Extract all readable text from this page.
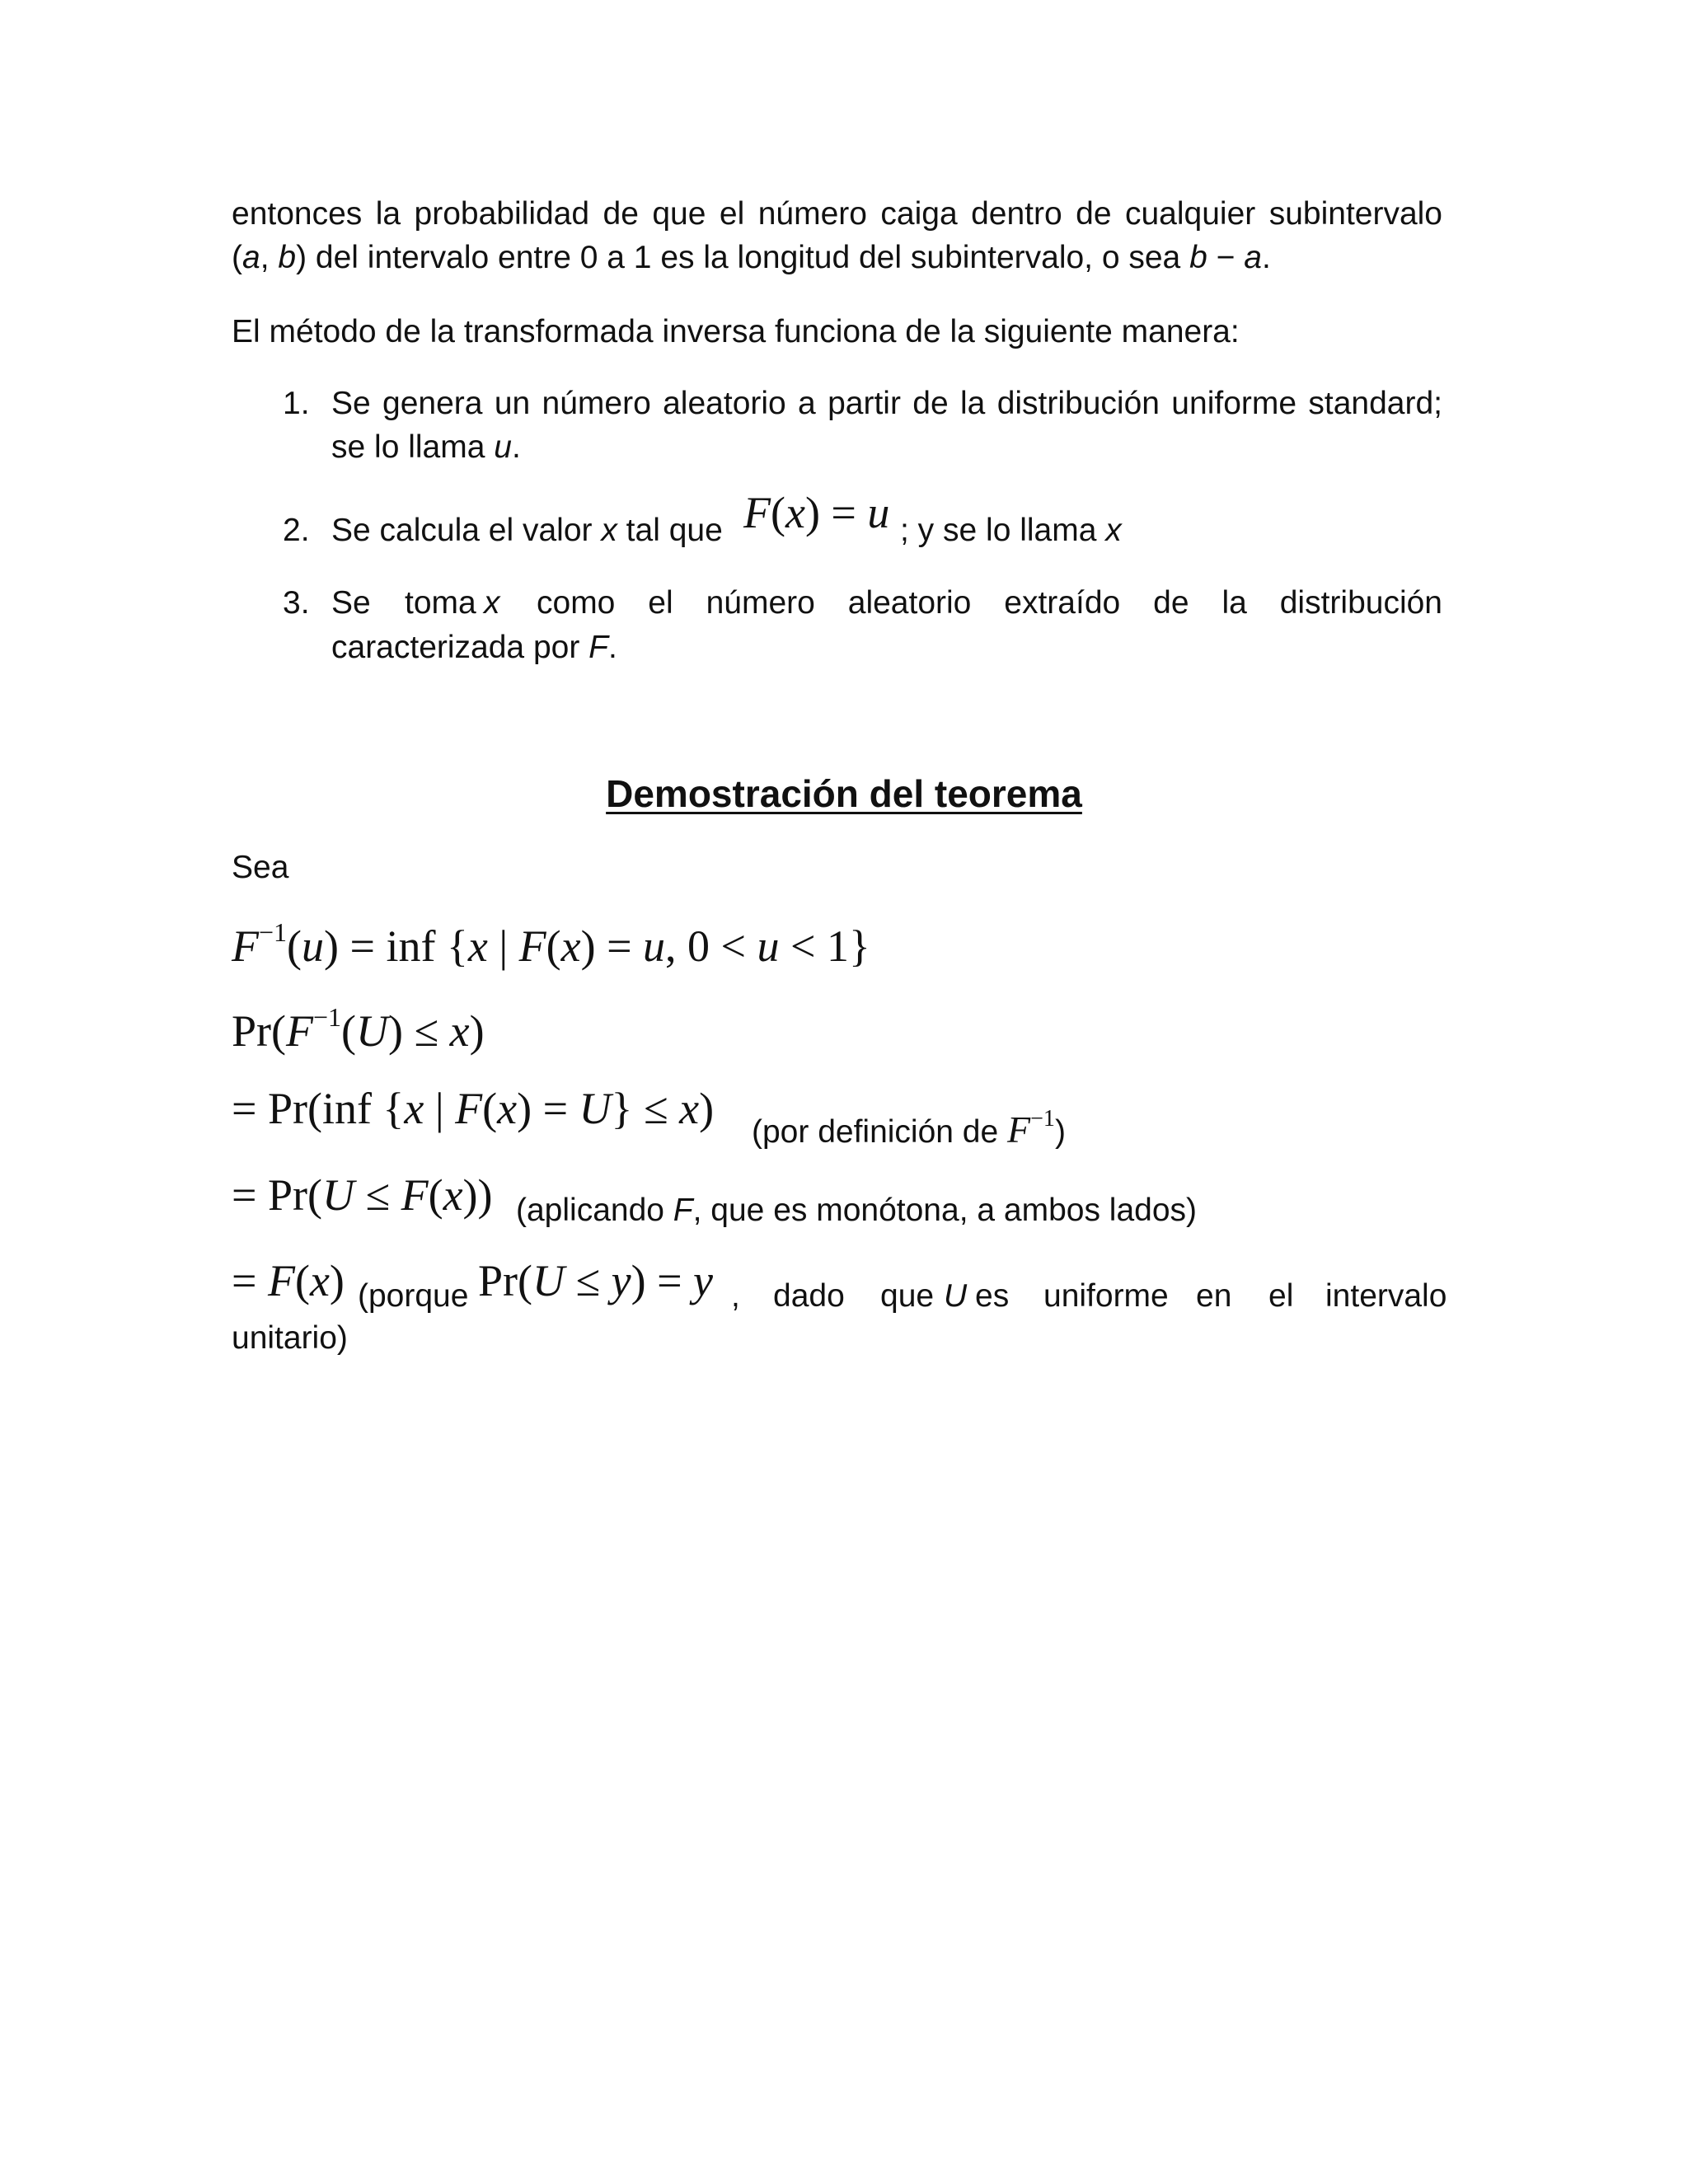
entonces la probabilidad de que el número caiga dentro de cualquier subintervalo
(a, b) del intervalo entre 0 a 1 es la longitud del subintervalo, o sea b − a.
El método de la transformada inversa funciona de la siguiente manera:
1. Se genera un número aleatorio a partir de la distribución uniforme standard;
se lo llama u.
2. Se calcula el valor x tal que F(x) = u ; y se lo llama x
3. Se toma x como el número aleatorio extraído de la distribución
caracterizada por F.
Demostración del teorema
Sea
$F^{-1}(u)$ = inf {x | F(x) = u, 0 < u < 1}
$Pr(F^{-1}(U) \le x)$
= Pr(inf {x | F(x) = U} ≤ x) (por definición de $F^{-1}$)
= Pr(U ≤ F(x)) (aplicando F, que es monótona, a ambos lados)
= F(x) (porque Pr(U ≤ y) = y , dado que U es uniforme en el intervalo
unitario)
